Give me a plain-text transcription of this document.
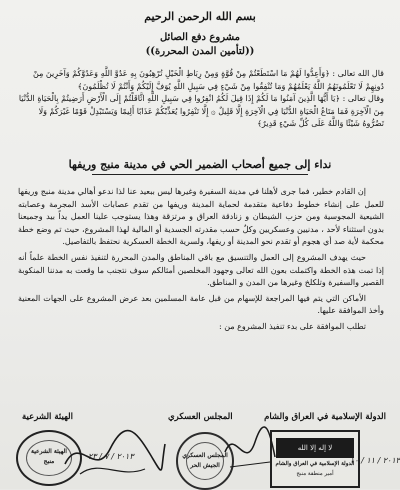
بسم الله الرحمن الرحيم
مشروع دفع الصائل
((لتأمين المدن المحررة))
قال الله تعالى : ﴿وَأَعِدُّوا لَهُمْ مَا اسْتَطَعْتُمْ مِنْ قُوَّةٍ وَمِنْ رِبَاطِ الْخَيْلِ تُرْهِبُونَ بِهِ عَدُوَّ اللَّهِ وَعَدُوَّكُمْ وَآخَرِينَ مِنْ دُونِهِمْ لَا تَعْلَمُونَهُمُ اللَّهُ يَعْلَمُهُمْ وَمَا تُنْفِقُوا مِنْ شَيْءٍ فِي سَبِيلِ اللَّهِ يُوَفَّ إِلَيْكُمْ وَأَنْتُمْ لَا تُظْلَمُونَ﴾
وقال تعالى : ﴿يَا أَيُّهَا الَّذِينَ آمَنُوا مَا لَكُمْ إِذَا قِيلَ لَكُمُ انْفِرُوا فِي سَبِيلِ اللَّهِ اثَّاقَلْتُمْ إِلَى الْأَرْضِ أَرَضِيتُمْ بِالْحَيَاةِ الدُّنْيَا مِنَ الْآخِرَةِ فَمَا مَتَاعُ الْحَيَاةِ الدُّنْيَا فِي الْآخِرَةِ إِلَّا قَلِيلٌ ۞ إِلَّا تَنْفِرُوا يُعَذِّبْكُمْ عَذَابًا أَلِيمًا وَيَسْتَبْدِلْ قَوْمًا غَيْرَكُمْ وَلَا تَضُرُّوهُ شَيْئًا وَاللَّهُ عَلَى كُلِّ شَيْءٍ قَدِيرٌ﴾
نداء إلى جميع أصحاب الضمير الحي في مدينة منبج وريفها

إن القادم خطير، فما جرى لأهلنا في مدينة السفيرة وغيرها ليس ببعيد عنا لذا ندعو أهالي مدينة منبج وريفها للعمل على إنشاء خطوط دفاعية متقدمة لحماية المدينة وريفها من تقدم عصابات الأسد المجرمة وعصابته الشيعية المجوسية ومن حزب الشيطان و زنادقة العراق و مرتزقة وهذا يستوجب علينا العمل يداً بيد وجميعنا بدون استثناء لأحد ، مدنيين وعسكريين وكلٌ حسب مقدرته الجسدية أو المالية لهذا المشروع، حيث تم وضع خطة محكمة لأية صد أي هجوم أو تقدم نحو المدينة أو ريفها، ولسرية الخطة العسكرية نحتفظ بالتفاصيل.

حيث يهدف المشروع إلى العمل والتنسيق مع باقي المناطق والمدن المحررة لتنفيذ نفس الخطة علماً أنه إذا تمت هذه الخطة واكتملت بعون الله تعالى وجهود المخلصين أمثالكم سوف نتجنب ما وقعت به مدننا المنكوبة القصير والسفيرة وتلكلخ وغيرها من المدن و المناطق.

الأماكن التي يتم فيها المراجعة للإسهام من قبل عامة المسلمين بعد عرض المشروع على الجهات المعنية وأخذ الموافقة عليها.

تطلب الموافقة على بدء تنفيذ المشروع من :

الدولة الإسلامية في العراق والشام
المجلس العسكري
الهيئة الشرعية
لا إله إلا الله
الدولة الإسلامية في العراق والشام
أمير منطقة منبج
٢٠١٣ / ١١ / ١٠
المجلس العسكري
الجيش الحر
الهيئة الشرعية
منبج
٢٠١٣ / ٧ / ٢٣
